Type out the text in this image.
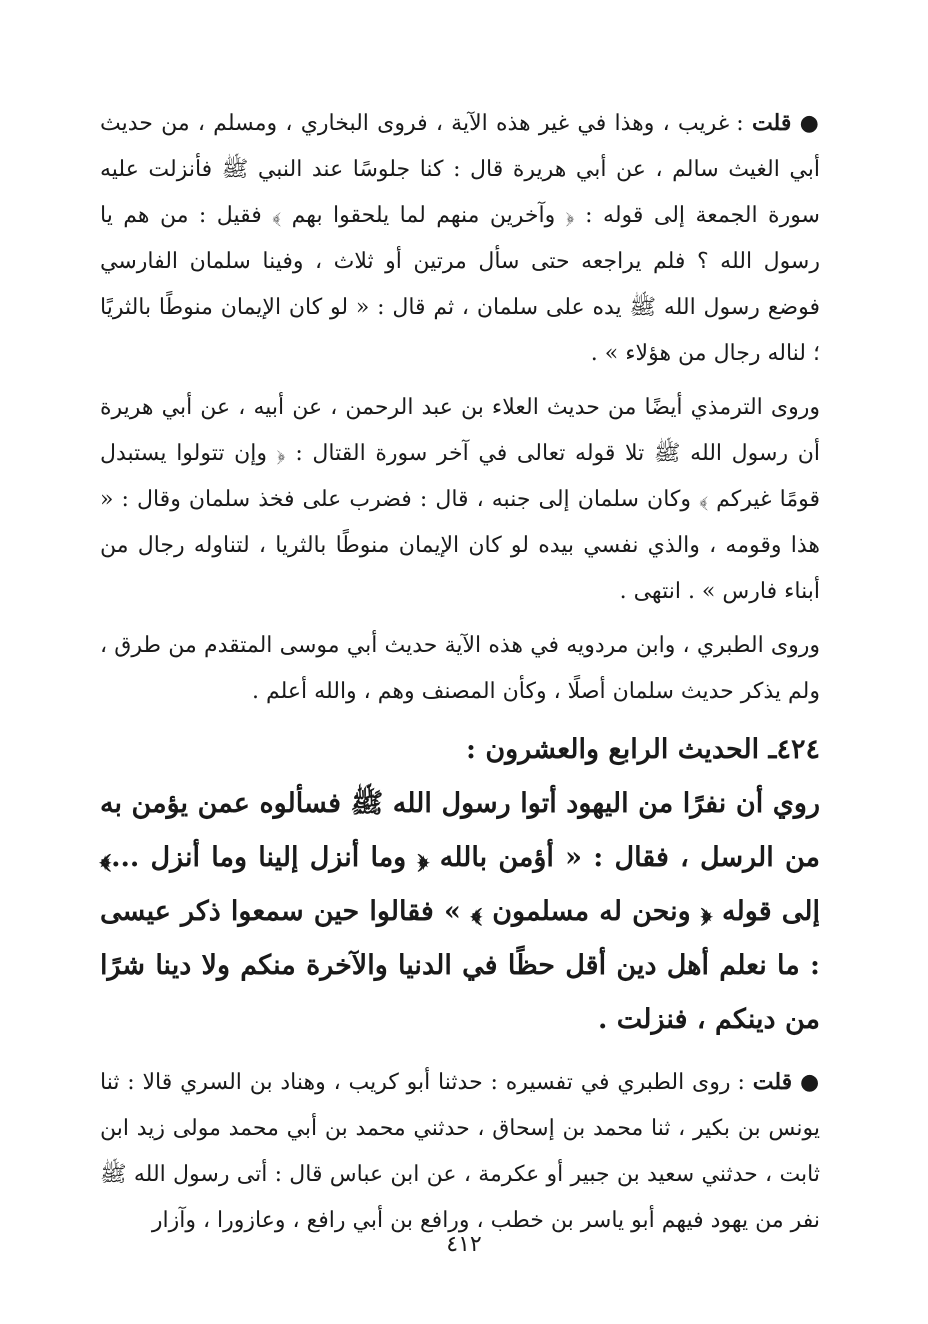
● قلت : غريب ، وهذا في غير هذه الآية ، فروى البخاري ، ومسلم ، من حديث أبي الغيث سالم ، عن أبي هريرة قال : كنا جلوسًا عند النبي ﷺ فأنزلت عليه سورة الجمعة إلى قوله : ﴿ وآخرين منهم لما يلحقوا بهم ﴾ فقيل : من هم يا رسول الله ؟ فلم يراجعه حتى سأل مرتين أو ثلاث ، وفينا سلمان الفارسي فوضع رسول الله ﷺ يده على سلمان ، ثم قال : « لو كان الإيمان منوطًا بالثريًا ؛ لناله رجال من هؤلاء » .

وروى الترمذي أيضًا من حديث العلاء بن عبد الرحمن ، عن أبيه ، عن أبي هريرة أن رسول الله ﷺ تلا قوله تعالى في آخر سورة القتال : ﴿ وإن تتولوا يستبدل قومًا غيركم ﴾ وكان سلمان إلى جنبه ، قال : فضرب على فخذ سلمان وقال : « هذا وقومه ، والذي نفسي بيده لو كان الإيمان منوطًا بالثريا ، لتناوله رجال من أبناء فارس » . انتهى .

وروى الطبري ، وابن مردويه في هذه الآية حديث أبي موسى المتقدم من طرق ، ولم يذكر حديث سلمان أصلًا ، وكأن المصنف وهم ، والله أعلم .

٤٢٤ـ الحديث الرابع والعشرون :

روي أن نفرًا من اليهود أتوا رسول الله ﷺ فسألوه عمن يؤمن به من الرسل ، فقال : « أؤمن بالله ﴿ وما أنزل إلينا وما أنزل ...﴾ إلى قوله ﴿ ونحن له مسلمون ﴾ » فقالوا حين سمعوا ذكر عيسى : ما نعلم أهل دين أقل حظًا في الدنيا والآخرة منكم ولا دينا شرًا من دينكم ، فنزلت .

● قلت : روى الطبري في تفسيره : حدثنا أبو كريب ، وهناد بن السري قالا : ثنا يونس بن بكير ، ثنا محمد بن إسحاق ، حدثني محمد بن أبي محمد مولى زيد ابن ثابت ، حدثني سعيد بن جبير أو عكرمة ، عن ابن عباس قال : أتى رسول الله ﷺ نفر من يهود فيهم أبو ياسر بن خطب ، ورافع بن أبي رافع ، وعازورا ، وآزار

٤١٢
